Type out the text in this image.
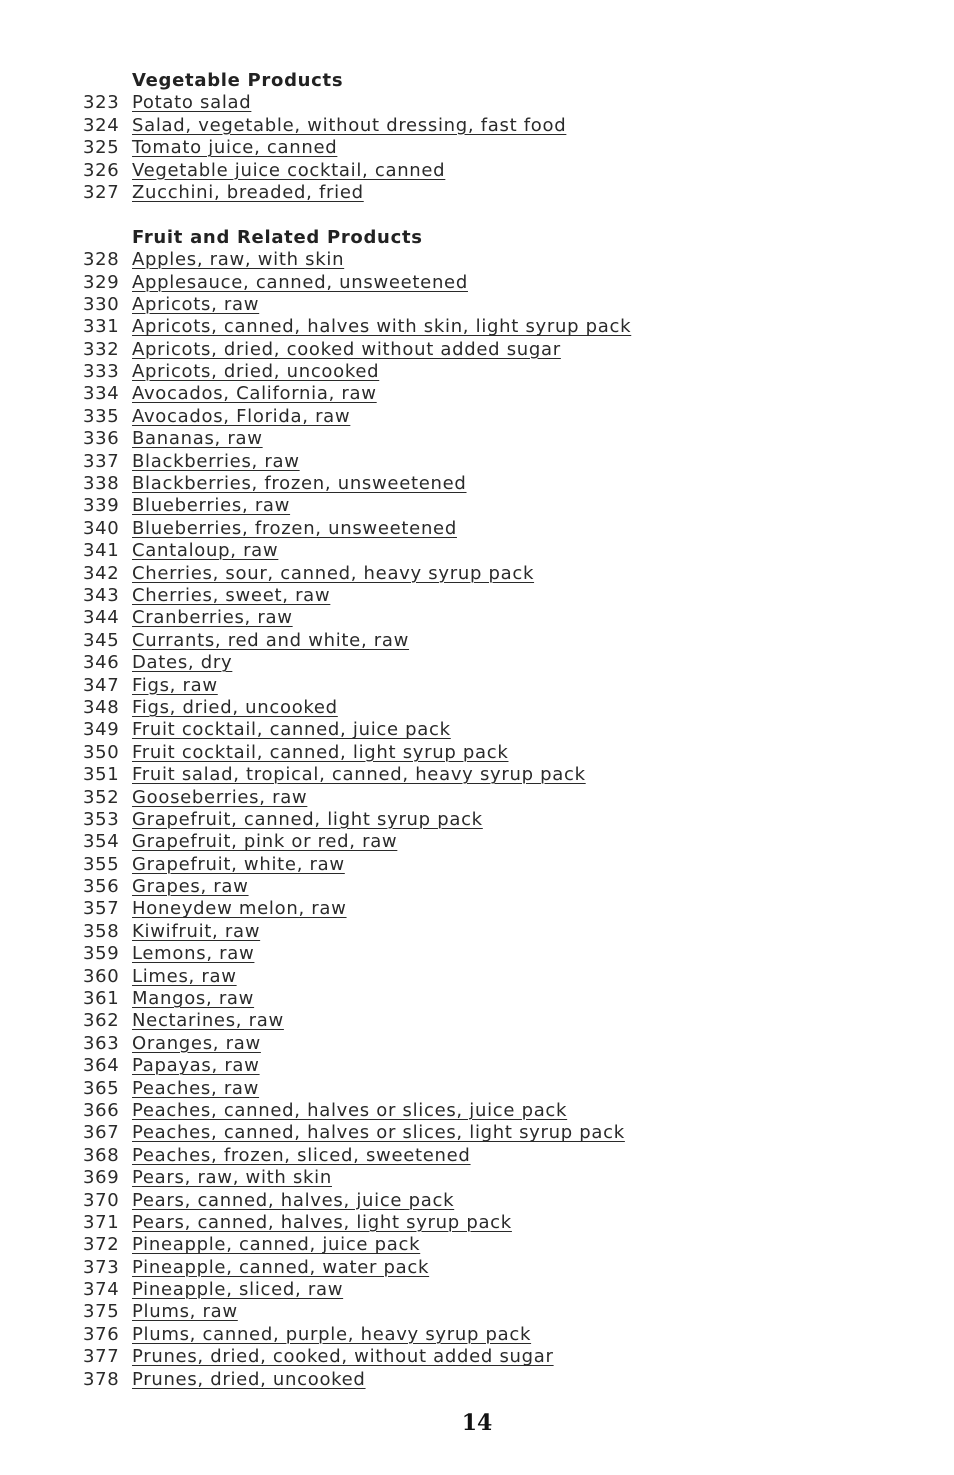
Vegetable Products
323 Potato salad
324 Salad, vegetable, without dressing, fast food
325 Tomato juice, canned
326 Vegetable juice cocktail, canned
327 Zucchini, breaded, fried
Fruit and Related Products
328 Apples, raw, with skin
329 Applesauce, canned, unsweetened
330 Apricots, raw
331 Apricots, canned, halves with skin, light syrup pack
332 Apricots, dried, cooked without added sugar
333 Apricots, dried, uncooked
334 Avocados, California, raw
335 Avocados, Florida, raw
336 Bananas, raw
337 Blackberries, raw
338 Blackberries, frozen, unsweetened
339 Blueberries, raw
340 Blueberries, frozen, unsweetened
341 Cantaloup, raw
342 Cherries, sour, canned, heavy syrup pack
343 Cherries, sweet, raw
344 Cranberries, raw
345 Currants, red and white, raw
346 Dates, dry
347 Figs, raw
348 Figs, dried, uncooked
349 Fruit cocktail, canned, juice pack
350 Fruit cocktail, canned, light syrup pack
351 Fruit salad, tropical, canned, heavy syrup pack
352 Gooseberries, raw
353 Grapefruit, canned, light syrup pack
354 Grapefruit, pink or red, raw
355 Grapefruit, white, raw
356 Grapes, raw
357 Honeydew melon, raw
358 Kiwifruit, raw
359 Lemons, raw
360 Limes, raw
361 Mangos, raw
362 Nectarines, raw
363 Oranges, raw
364 Papayas, raw
365 Peaches, raw
366 Peaches, canned, halves or slices, juice pack
367 Peaches, canned, halves or slices, light syrup pack
368 Peaches, frozen, sliced, sweetened
369 Pears, raw, with skin
370 Pears, canned, halves, juice pack
371 Pears, canned, halves, light syrup pack
372 Pineapple, canned, juice pack
373 Pineapple, canned, water pack
374 Pineapple, sliced, raw
375 Plums, raw
376 Plums, canned, purple, heavy syrup pack
377 Prunes, dried, cooked, without added sugar
378 Prunes, dried, uncooked
14
